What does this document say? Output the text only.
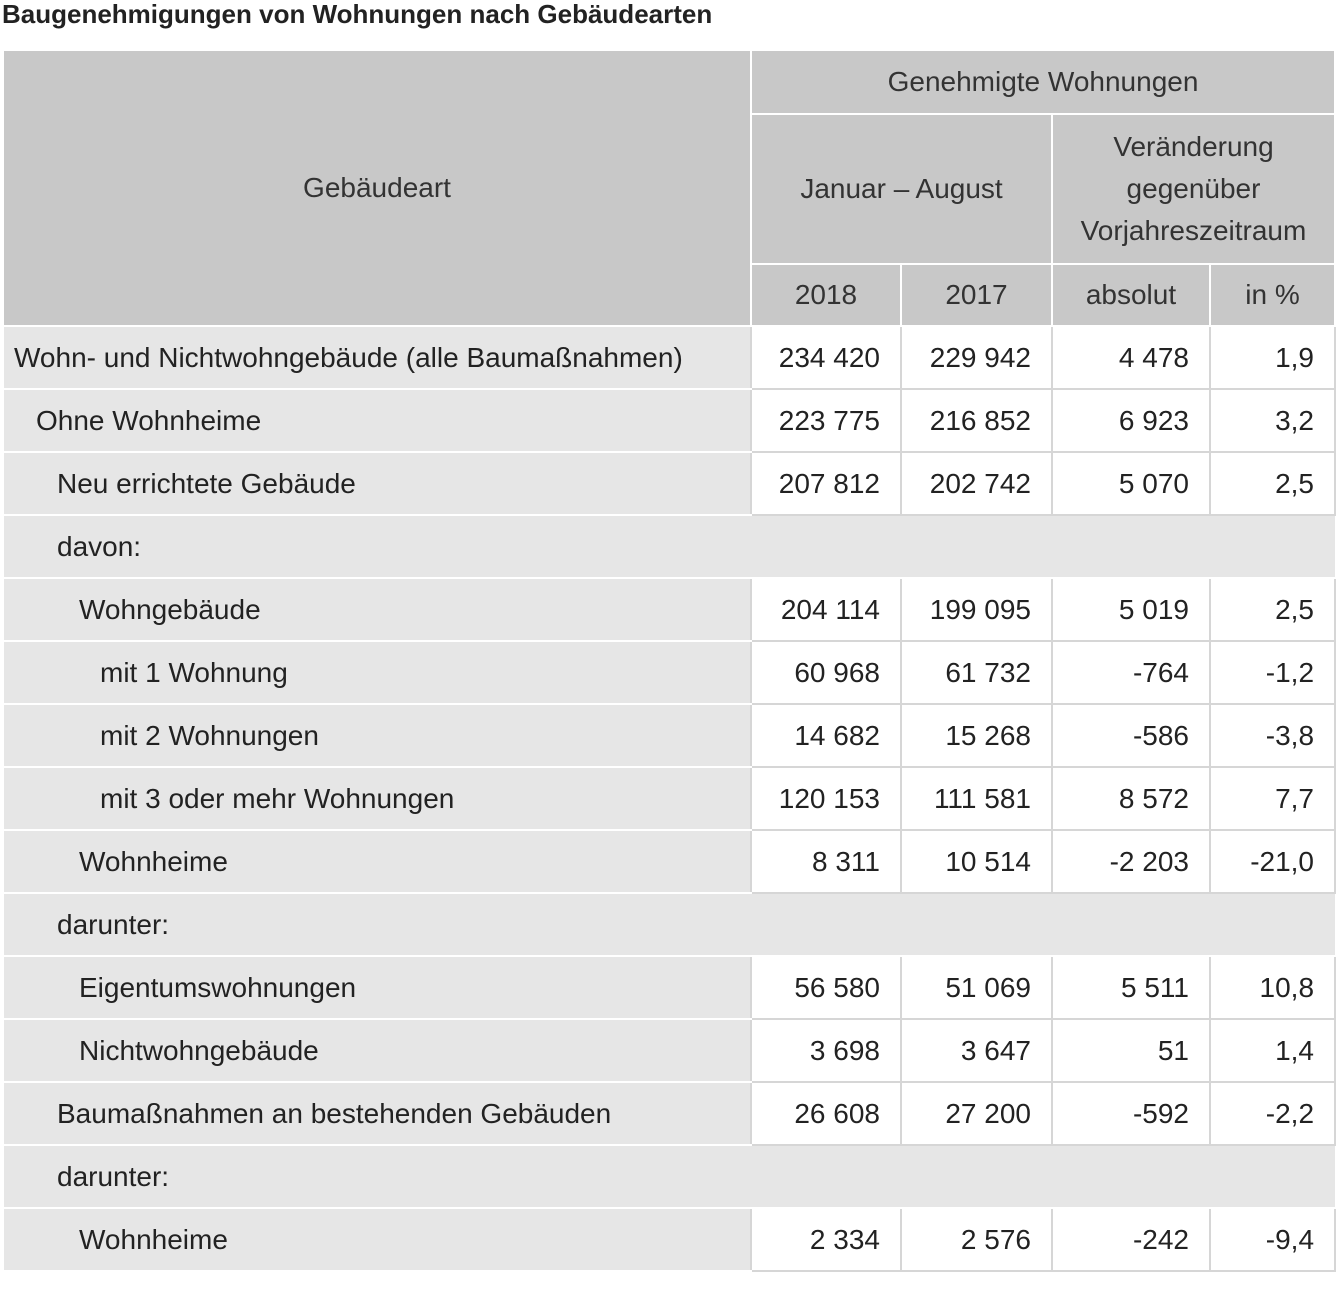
Baugenehmigungen von Wohnungen nach Gebäudearten
Gebäudeart	Genehmigte Wohnungen			
	Januar – August		Veränderung gegenüber Vorjahreszeitraum	
	2018	2017	absolut	in %
Wohn- und Nichtwohngebäude (alle Baumaßnahmen)	234 420	229 942	4 478	1,9
Ohne Wohnheime	223 775	216 852	6 923	3,2
Neu errichtete Gebäude	207 812	202 742	5 070	2,5
davon:				
Wohngebäude	204 114	199 095	5 019	2,5
mit 1 Wohnung	60 968	61 732	-764	-1,2
mit 2 Wohnungen	14 682	15 268	-586	-3,8
mit 3 oder mehr Wohnungen	120 153	111 581	8 572	7,7
Wohnheime	8 311	10 514	-2 203	-21,0
darunter:				
Eigentumswohnungen	56 580	51 069	5 511	10,8
Nichtwohngebäude	3 698	3 647	51	1,4
Baumaßnahmen an bestehenden Gebäuden	26 608	27 200	-592	-2,2
darunter:				
Wohnheime	2 334	2 576	-242	-9,4
